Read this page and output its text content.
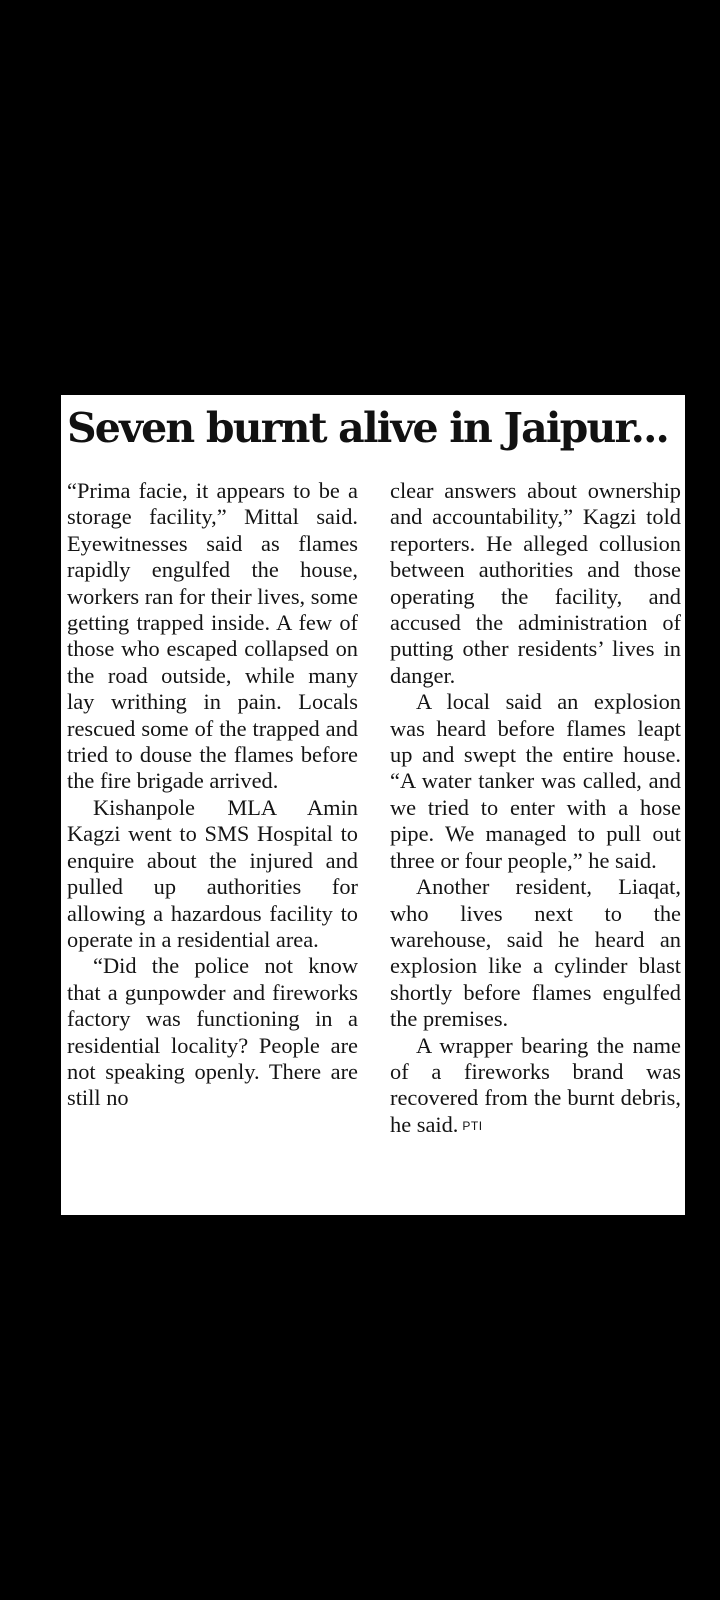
Seven burnt alive in Jaipur...

“Prima facie, it appears to be a storage facility,” Mittal said. Eyewitnesses said as flames rapidly engulfed the house, workers ran for their lives, some getting trapped inside. A few of those who escaped collapsed on the road outside, while many lay writhing in pain. Locals rescued some of the trapped and tried to douse the flames before the fire brigade arrived.

Kishanpole MLA Amin Kagzi went to SMS Hospital to enquire about the injured and pulled up authorities for allowing a hazardous facility to operate in a residential area.

“Did the police not know that a gunpowder and fireworks factory was functioning in a residential locality? People are not speaking openly. There are still no

clear answers about ownership and accountability,” Kagzi told reporters. He alleged collusion between authorities and those operating the facility, and accused the administration of putting other residents’ lives in danger.

A local said an explosion was heard before flames leapt up and swept the entire house. “A water tanker was called, and we tried to enter with a hose pipe. We managed to pull out three or four people,” he said.

Another resident, Liaqat, who lives next to the warehouse, said he heard an explosion like a cylinder blast shortly before flames engulfed the premises.

A wrapper bearing the name of a fireworks brand was recovered from the burnt debris, he said. PTI
